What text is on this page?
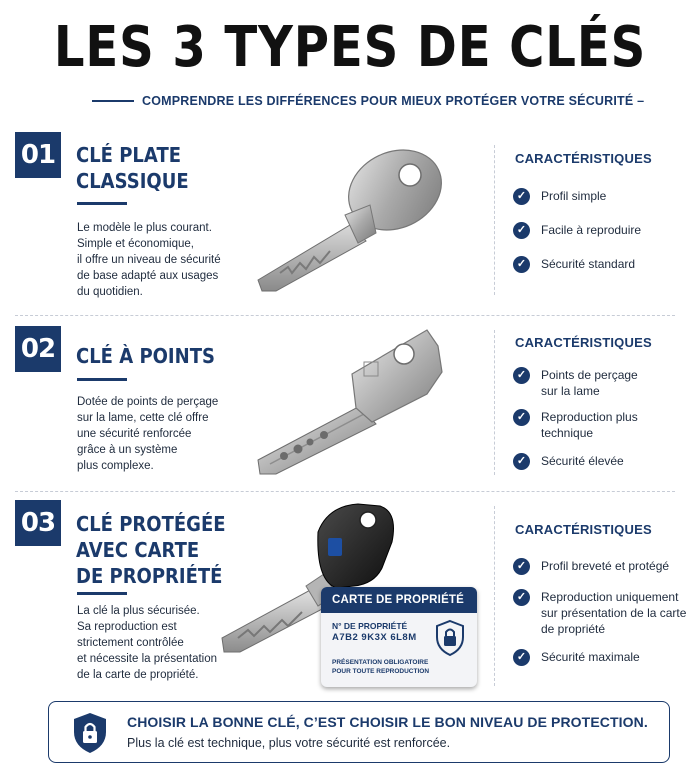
LES 3 TYPES DE CLÉS
COMPRENDRE LES DIFFÉRENCES POUR MIEUX PROTÉGER VOTRE SÉCURITÉ –
01 CLÉ PLATE
CLASSIQUE
Le modèle le plus courant.
Simple et économique,
il offre un niveau de sécurité
de base adapté aux usages
du quotidien.
CARACTÉRISTIQUES
✓	Profil simple
✓	Facile à reproduire
✓	Sécurité standard
02 CLÉ À POINTS
Dotée de points de perçage
sur la lame, cette clé offre
une sécurité renforcée
grâce à un système
plus complexe.
CARACTÉRISTIQUES
✓	Points de perçage
sur la lame
✓	Reproduction plus
technique
✓	Sécurité élevée
03 CLÉ PROTÉGÉE
AVEC CARTE
DE PROPRIÉTÉ
La clé la plus sécurisée.
Sa reproduction est
strictement contrôlée
et nécessite la présentation
de la carte de propriété.
CARTE DE PROPRIÉTÉ
N° DE PROPRIÉTÉ
A7B2 9K3X 6L8M
PRÉSENTATION OBLIGATOIRE
POUR TOUTE REPRODUCTION
CARACTÉRISTIQUES
✓	Profil breveté et protégé
✓	Reproduction uniquement
sur présentation de la carte
de propriété
✓	Sécurité maximale
CHOISIR LA BONNE CLÉ, C’EST CHOISIR LE BON NIVEAU DE PROTECTION.
Plus la clé est technique, plus votre sécurité est renforcée.
